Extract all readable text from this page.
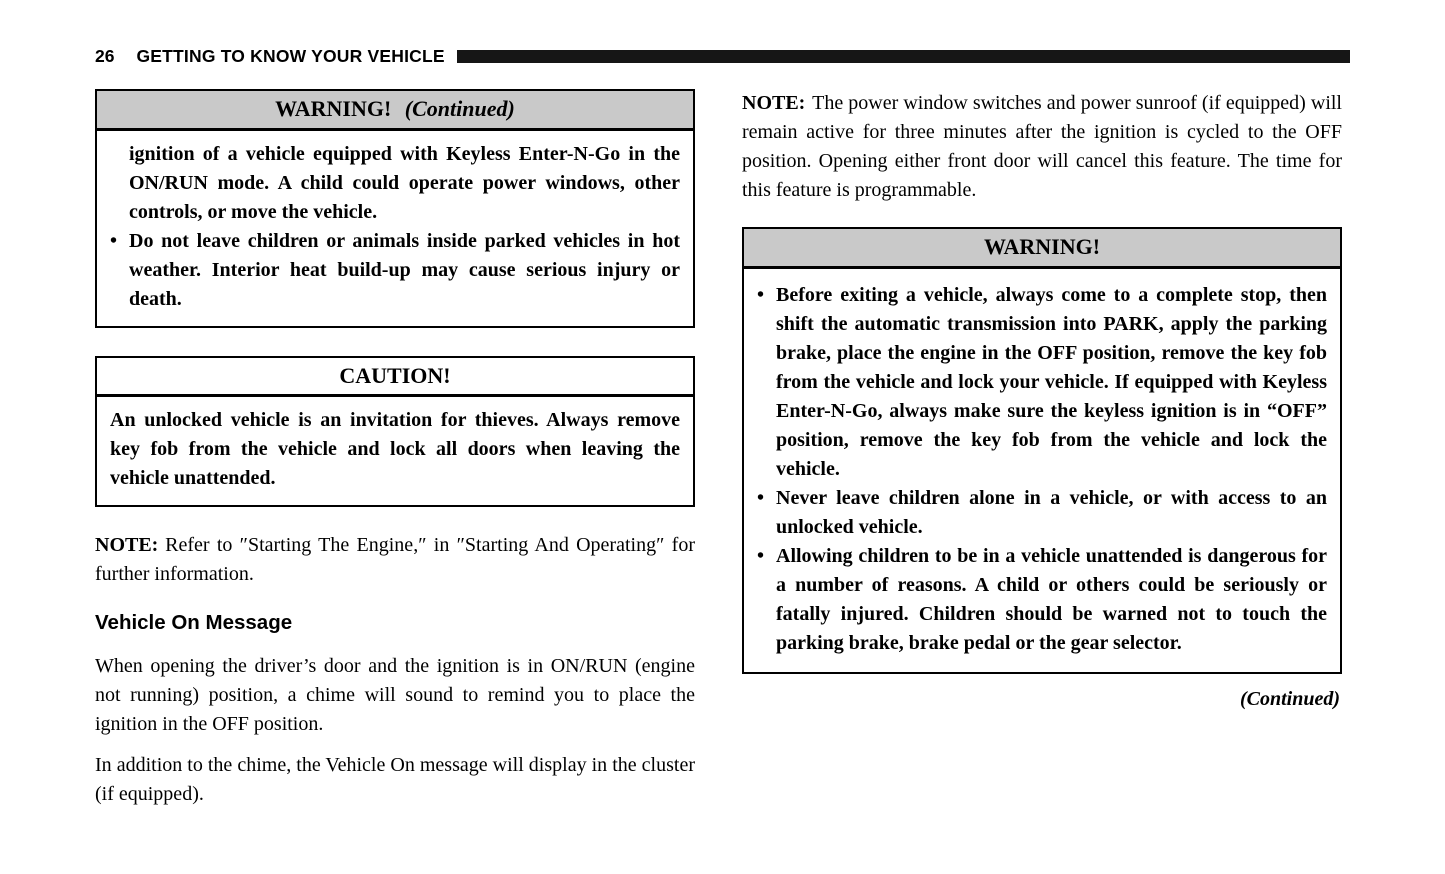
26 GETTING TO KNOW YOUR VEHICLE
WARNING! (Continued)

ignition of a vehicle equipped with Keyless Enter-N-Go in the ON/RUN mode. A child could operate power windows, other controls, or move the vehicle.

• Do not leave children or animals inside parked vehicles in hot weather. Interior heat build-up may cause serious injury or death.
CAUTION!

An unlocked vehicle is an invitation for thieves. Always remove key fob from the vehicle and lock all doors when leaving the vehicle unattended.

NOTE: Refer to ″Starting The Engine,″ in ″Starting And Operating″ for further information.

Vehicle On Message

When opening the driver’s door and the ignition is in ON/RUN (engine not running) position, a chime will sound to remind you to place the ignition in the OFF position.

In addition to the chime, the Vehicle On message will display in the cluster (if equipped).

NOTE: The power window switches and power sunroof (if equipped) will remain active for three minutes after the ignition is cycled to the OFF position. Opening either front door will cancel this feature. The time for this feature is programmable.

WARNING!
• Before exiting a vehicle, always come to a complete stop, then shift the automatic transmission into PARK, apply the parking brake, place the engine in the OFF position, remove the key fob from the vehicle and lock your vehicle. If equipped with Keyless Enter-N-Go, always make sure the keyless ignition is in “OFF” position, remove the key fob from the vehicle and lock the vehicle.
• Never leave children alone in a vehicle, or with access to an unlocked vehicle.
• Allowing children to be in a vehicle unattended is dangerous for a number of reasons. A child or others could be seriously or fatally injured. Children should be warned not to touch the parking brake, brake pedal or the gear selector.
(Continued)
